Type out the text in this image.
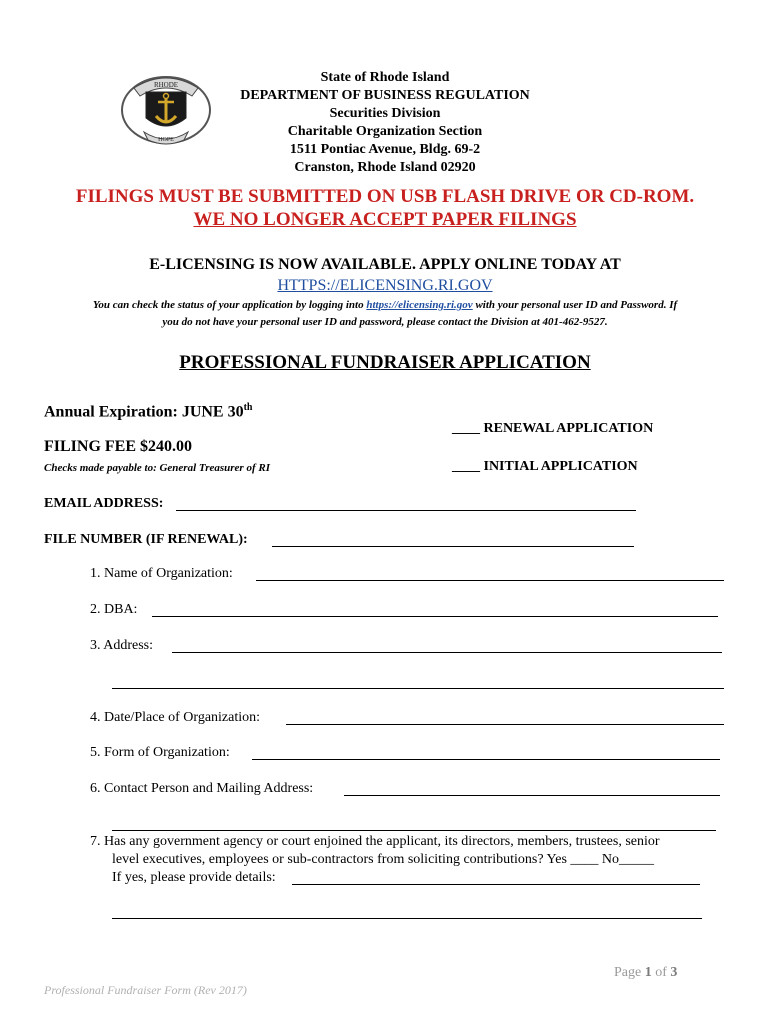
RHODE
HOPE
State of Rhode Island
DEPARTMENT OF BUSINESS REGULATION
Securities Division
Charitable Organization Section
1511 Pontiac Avenue, Bldg. 69-2
Cranston, Rhode Island 02920
FILINGS MUST BE SUBMITTED ON USB FLASH DRIVE OR CD-ROM.
WE NO LONGER ACCEPT PAPER FILINGS
E-LICENSING IS NOW AVAILABLE. APPLY ONLINE TODAY AT
HTTPS://ELICENSING.RI.GOV
You can check the status of your application by logging into https://elicensing.ri.gov with your personal user ID and Password. If
you do not have your personal user ID and password, please contact the Division at 401-462-9527.
PROFESSIONAL FUNDRAISER APPLICATION
Annual Expiration: JUNE 30th
____ RENEWAL APPLICATION
FILING FEE $240.00
Checks made payable to: General Treasurer of RI	____ INITIAL APPLICATION
EMAIL ADDRESS:
FILE NUMBER (IF RENEWAL):
1. Name of Organization:
2. DBA:
3. Address:
4. Date/Place of Organization:
5. Form of Organization:
6. Contact Person and Mailing Address:
7. Has any government agency or court enjoined the applicant, its directors, members, trustees, senior
level executives, employees or sub-contractors from soliciting contributions? Yes ____ No_____
If yes, please provide details:
Page 1 of 3
Professional Fundraiser Form (Rev 2017)
